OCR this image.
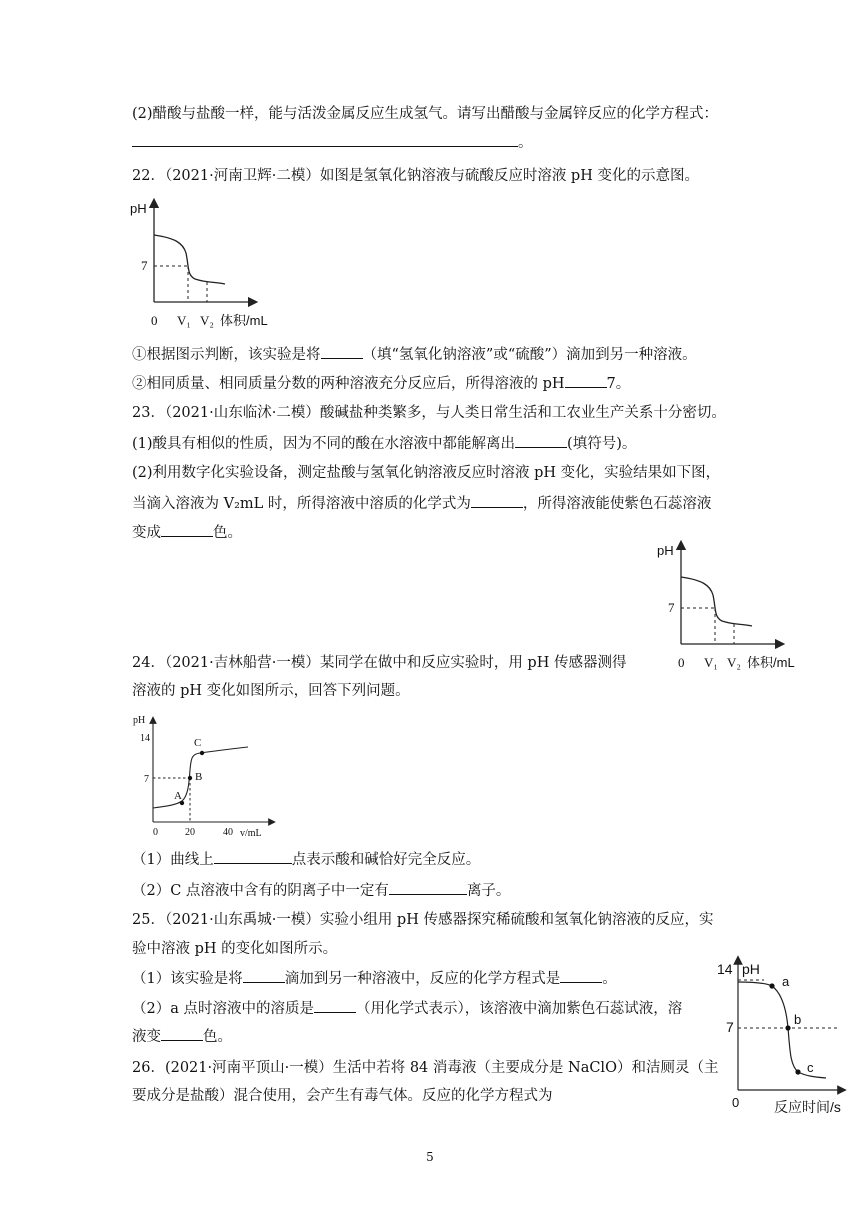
(2)醋酸与盐酸一样，能与活泼金属反应生成氢气。请写出醋酸与金属锌反应的化学方程式：
。
22．（2021·河南卫辉·二模）如图是氢氧化钠溶液与硫酸反应时溶液 pH 变化的示意图。
pH
7
0 V₁ V₂ 体积/mL
①根据图示判断，该实验是将	（填“氢氧化钠溶液”或“硫酸”）滴加到另一种溶液。
②相同质量、相同质量分数的两种溶液充分反应后，所得溶液的 pH	7。
23．（2021·山东临沭·二模）酸碱盐种类繁多，与人类日常生活和工农业生产关系十分密切。
(1)酸具有相似的性质，因为不同的酸在水溶液中都能解离出	(填符号)。
(2)利用数字化实验设备，测定盐酸与氢氧化钠溶液反应时溶液 pH 变化，实验结果如下图，
当滴入溶液为 V₂mL 时，所得溶液中溶质的化学式为	，所得溶液能使紫色石蕊溶液
变成	色。
pH
7
0 V₁ V₂ 体积/mL
24．（2021·吉林船营·一模）某同学在做中和反应实验时，用 pH 传感器测得
溶液的 pH 变化如图所示，回答下列问题。
pH
14
7
A
B
C
0	20	40 v/mL
（1）曲线上	点表示酸和碱恰好完全反应。
（2）C 点溶液中含有的阴离子中一定有	离子。
25．（2021·山东禹城·一模）实验小组用 pH 传感器探究稀硫酸和氢氧化钠溶液的反应，实
验中溶液 pH 的变化如图所示。
（1）该实验是将	滴加到另一种溶液中，反应的化学方程式是	。
（2）a 点时溶液中的溶质是	（用化学式表示），该溶液中滴加紫色石蕊试液，溶
液变	色。
14 pH
7
a
b
c
0 反应时间/s
26．(2021·河南平顶山·一模）生活中若将 84 消毒液（主要成分是 NaClO）和洁厕灵（主
要成分是盐酸）混合使用，会产生有毒气体。反应的化学方程式为
5
